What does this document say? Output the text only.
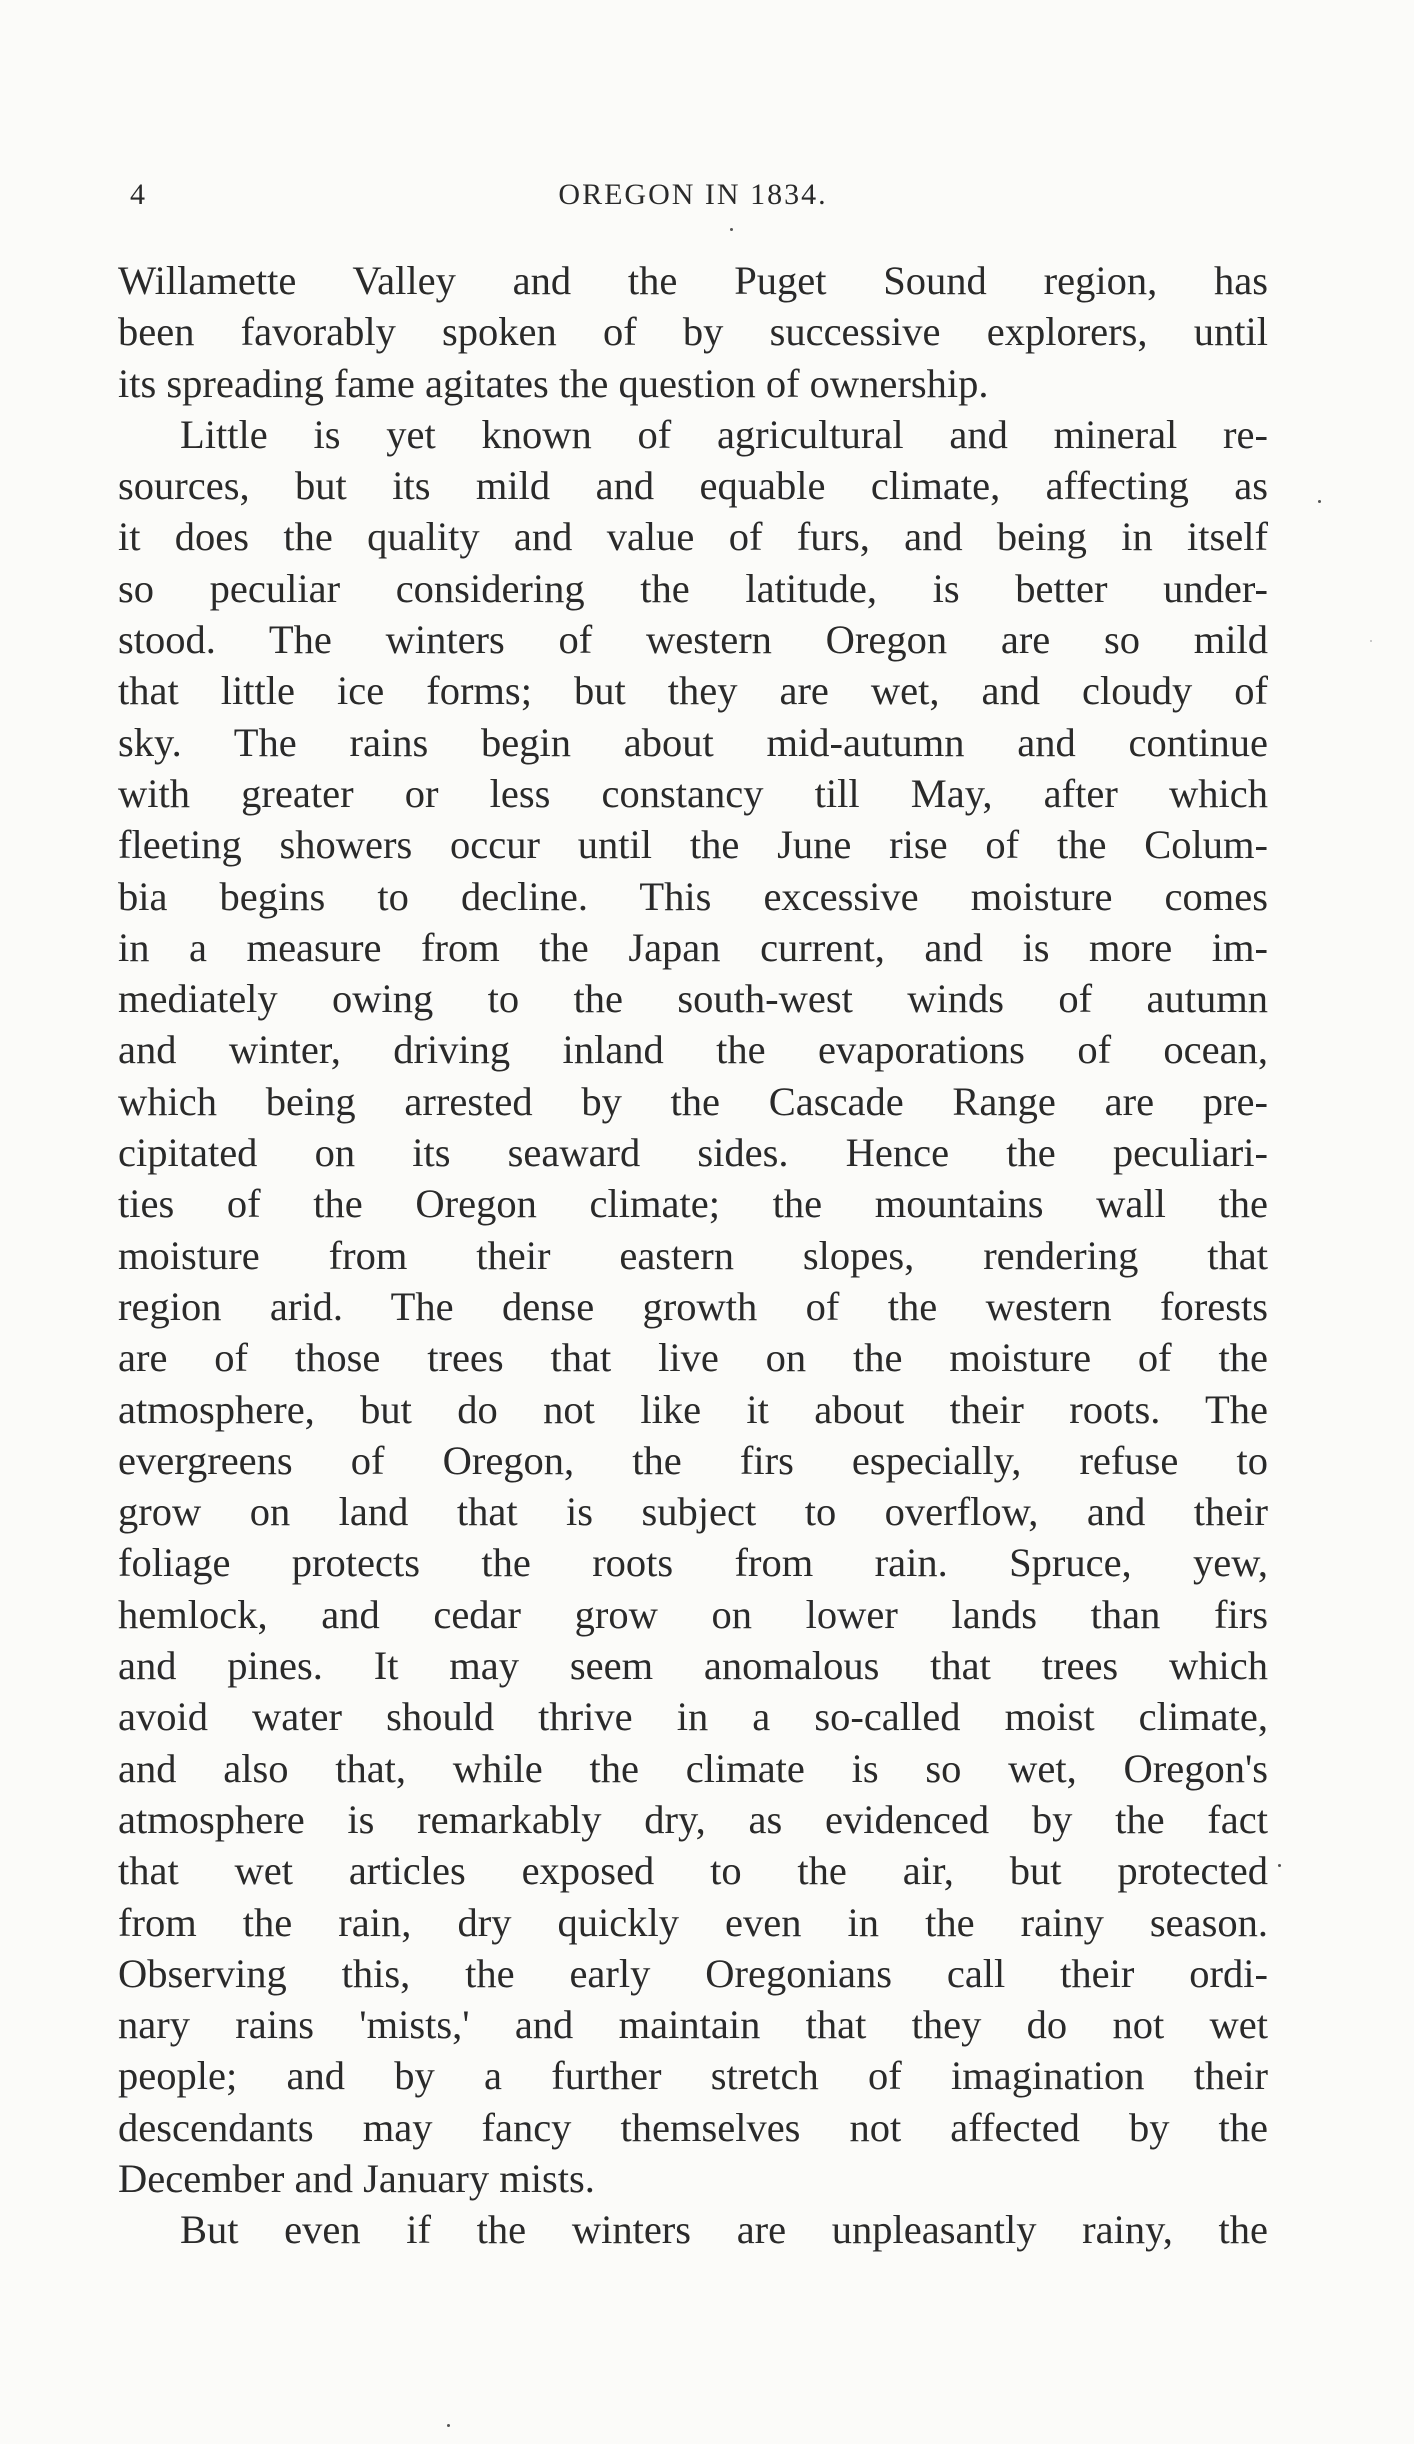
4	OREGON IN 1834.
Willamette Valley and the Puget Sound region, has
been favorably spoken of by successive explorers, until
its spreading fame agitates the question of ownership.
Little is yet known of agricultural and mineral re-
sources, but its mild and equable climate, affecting as
it does the quality and value of furs, and being in itself
so peculiar considering the latitude, is better under-
stood. The winters of western Oregon are so mild
that little ice forms; but they are wet, and cloudy of
sky. The rains begin about mid-autumn and continue
with greater or less constancy till May, after which
fleeting showers occur until the June rise of the Colum-
bia begins to decline. This excessive moisture comes
in a measure from the Japan current, and is more im-
mediately owing to the south-west winds of autumn
and winter, driving inland the evaporations of ocean,
which being arrested by the Cascade Range are pre-
cipitated on its seaward sides. Hence the peculiari-
ties of the Oregon climate; the mountains wall the
moisture from their eastern slopes, rendering that
region arid. The dense growth of the western forests
are of those trees that live on the moisture of the
atmosphere, but do not like it about their roots. The
evergreens of Oregon, the firs especially, refuse to
grow on land that is subject to overflow, and their
foliage protects the roots from rain. Spruce, yew,
hemlock, and cedar grow on lower lands than firs
and pines. It may seem anomalous that trees which
avoid water should thrive in a so-called moist climate,
and also that, while the climate is so wet, Oregon's
atmosphere is remarkably dry, as evidenced by the fact
that wet articles exposed to the air, but protected
from the rain, dry quickly even in the rainy season.
Observing this, the early Oregonians call their ordi-
nary rains 'mists,' and maintain that they do not wet
people; and by a further stretch of imagination their
descendants may fancy themselves not affected by the
December and January mists.
But even if the winters are unpleasantly rainy, the
